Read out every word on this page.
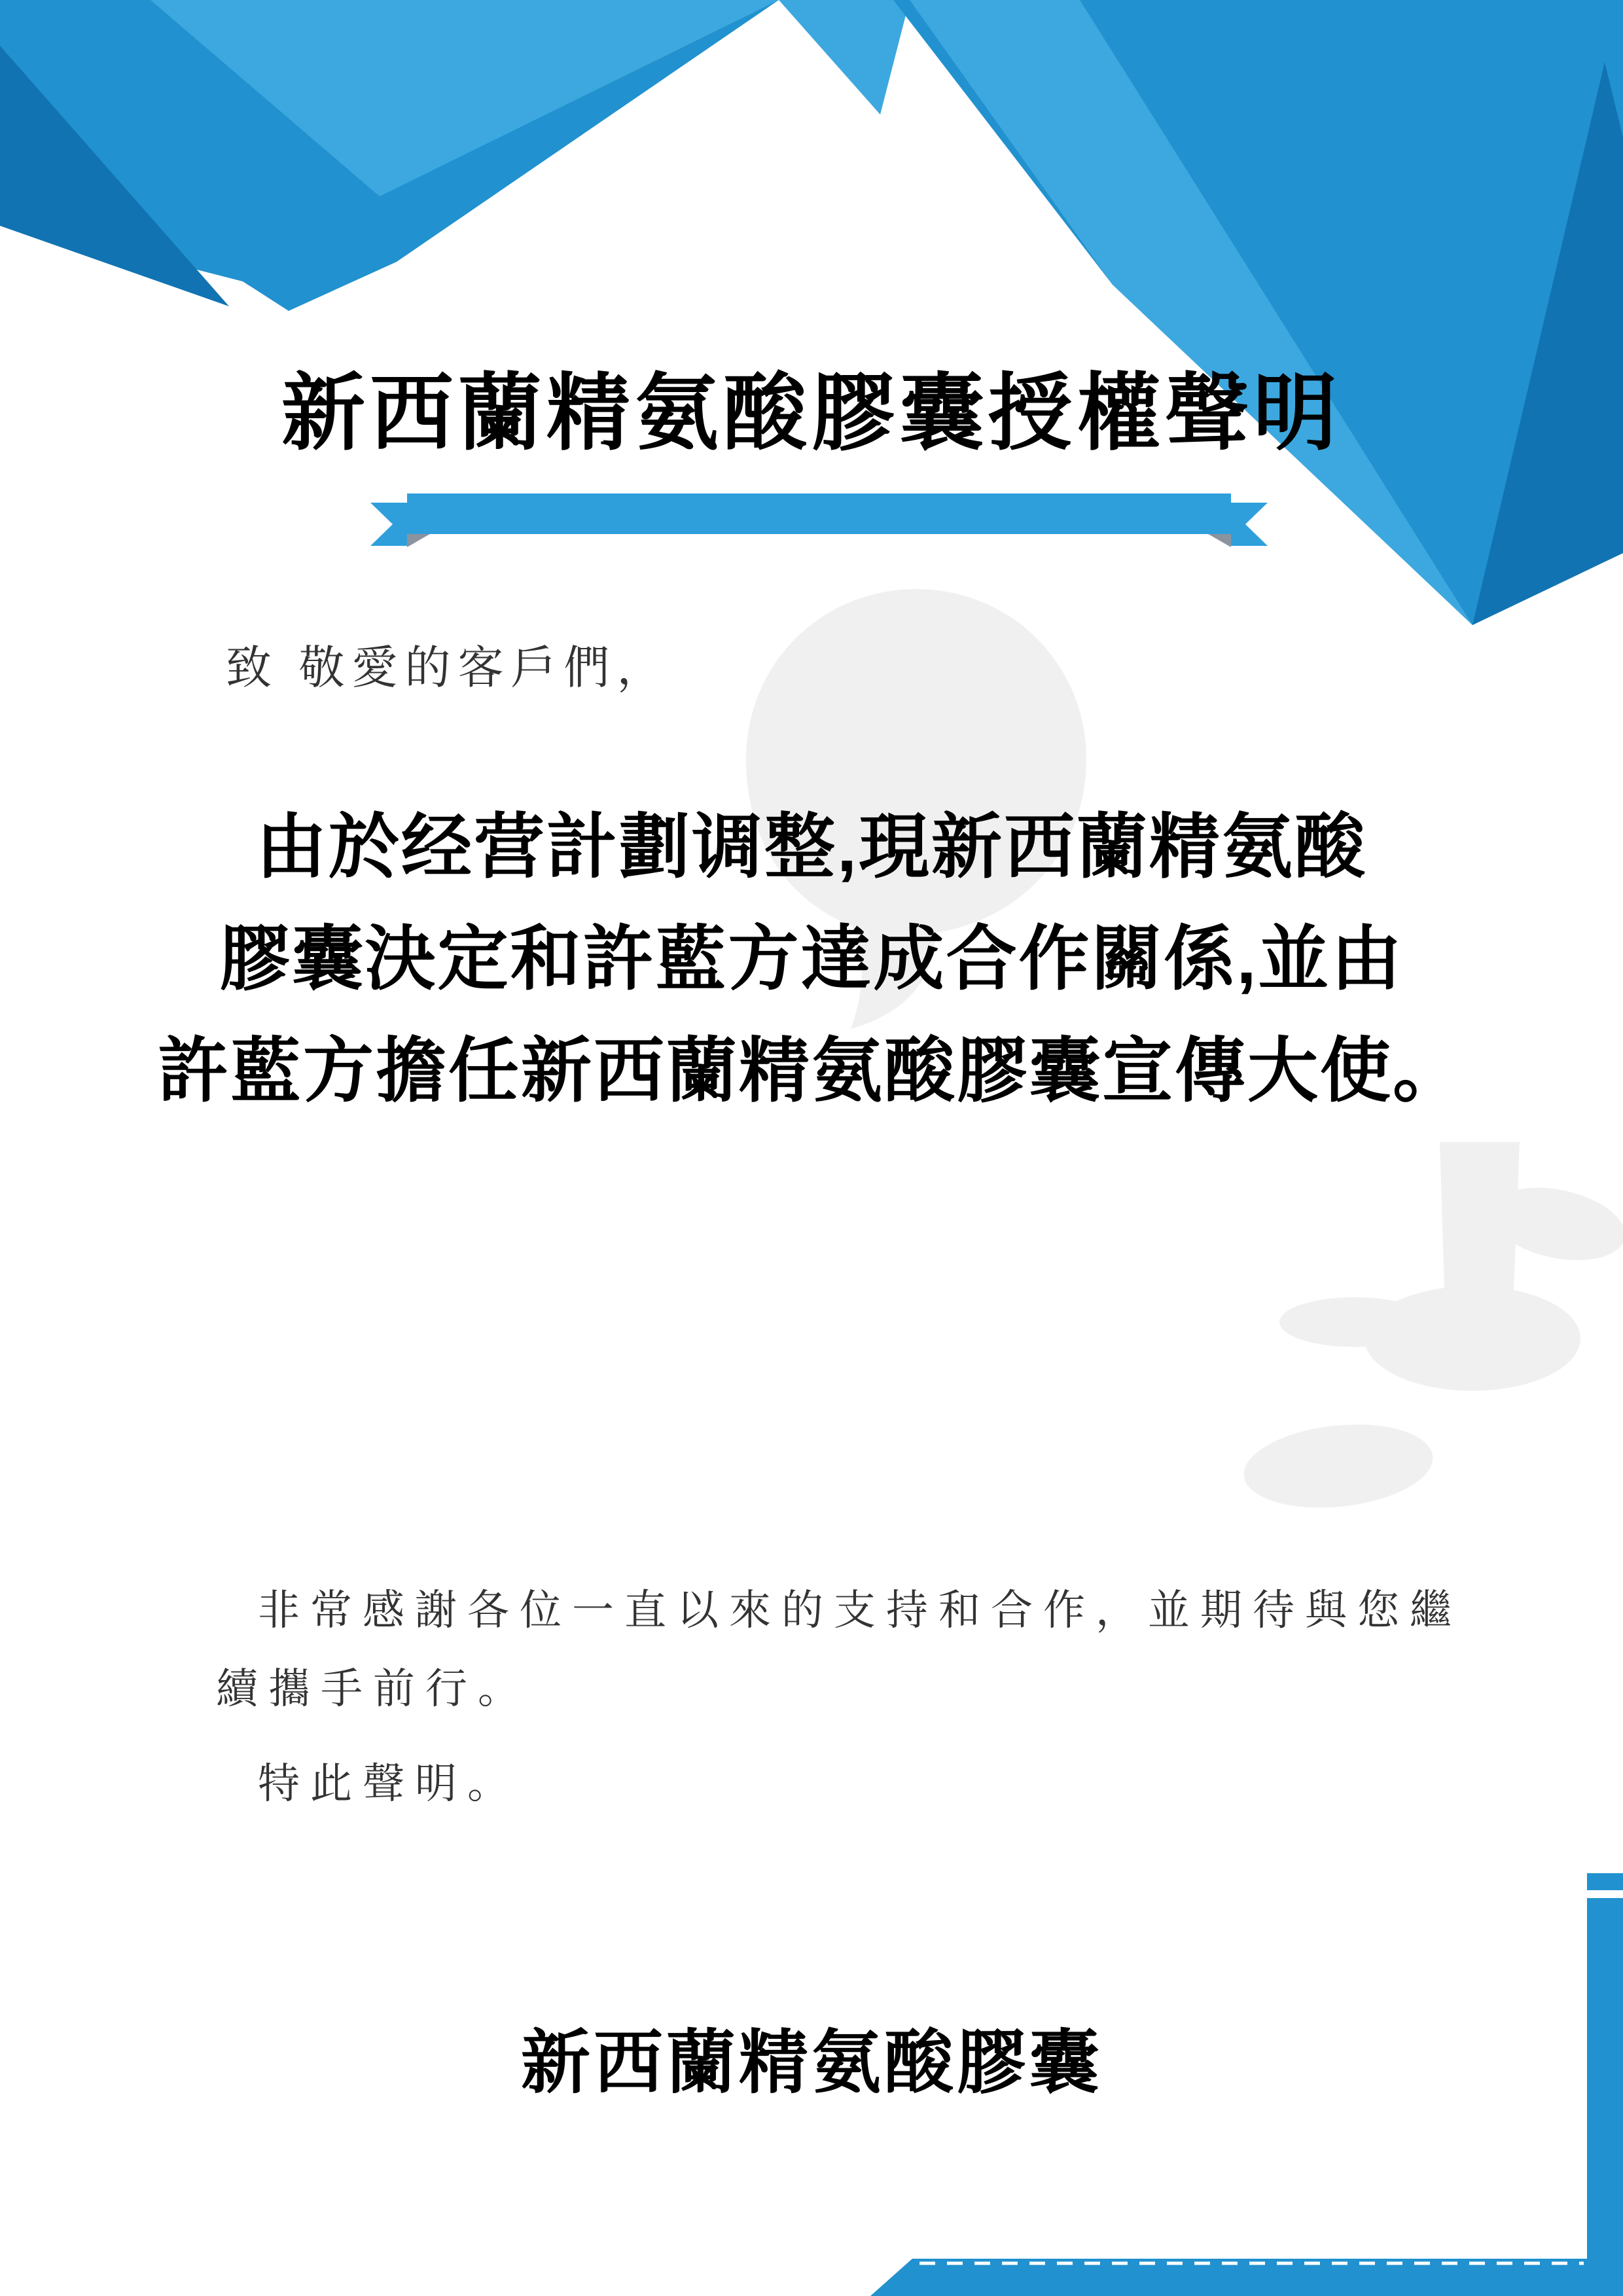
新西蘭精氨酸膠囊授權聲明
致 敬愛的客戶們，
由於经营計劃调整,現新西蘭精氨酸
膠囊決定和許藍方達成合作關係,並由
許藍方擔任新西蘭精氨酸膠囊宣傳大使。
非常感謝各位一直以來的支持和合作，並期待與您繼
續攜手前行。
特此聲明。
新西蘭精氨酸膠囊
